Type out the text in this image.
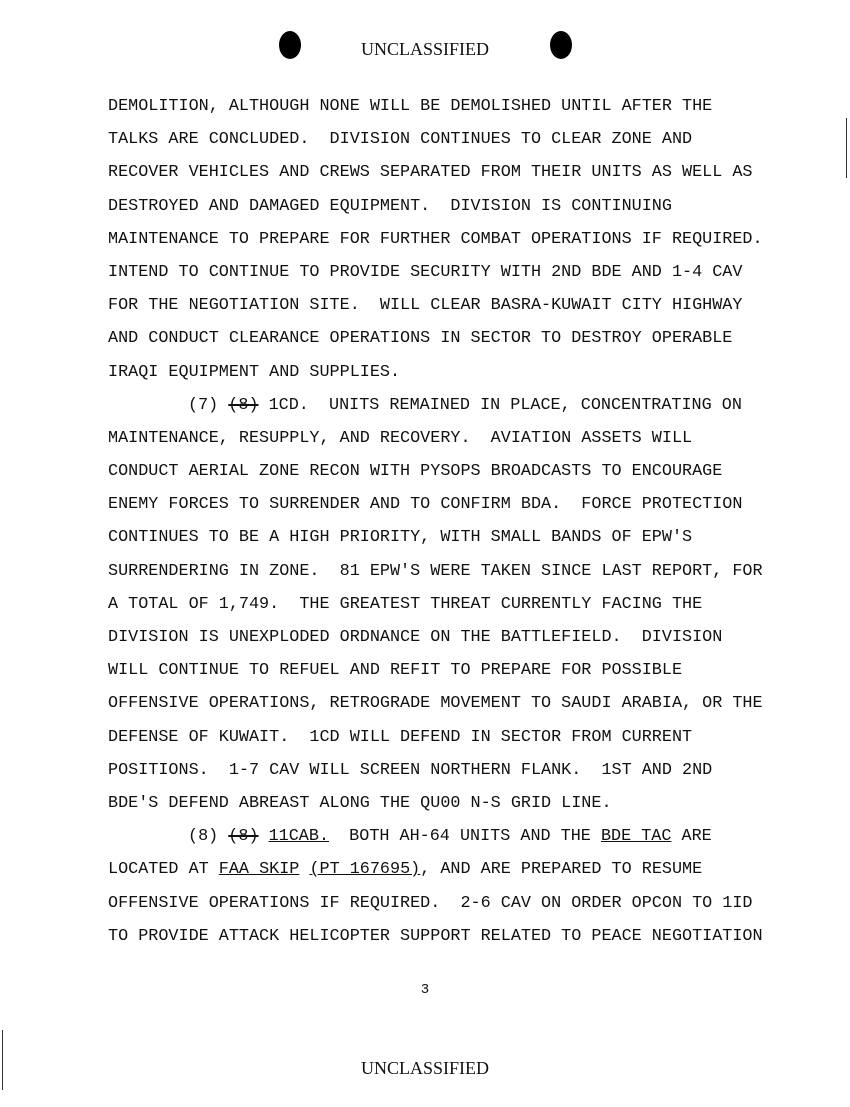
UNCLASSIFIED
DEMOLITION, ALTHOUGH NONE WILL BE DEMOLISHED UNTIL AFTER THE
TALKS ARE CONCLUDED.  DIVISION CONTINUES TO CLEAR ZONE AND
RECOVER VEHICLES AND CREWS SEPARATED FROM THEIR UNITS AS WELL AS
DESTROYED AND DAMAGED EQUIPMENT.  DIVISION IS CONTINUING
MAINTENANCE TO PREPARE FOR FURTHER COMBAT OPERATIONS IF REQUIRED.
INTEND TO CONTINUE TO PROVIDE SECURITY WITH 2ND BDE AND 1-4 CAV
FOR THE NEGOTIATION SITE.  WILL CLEAR BASRA-KUWAIT CITY HIGHWAY
AND CONDUCT CLEARANCE OPERATIONS IN SECTOR TO DESTROY OPERABLE
IRAQI EQUIPMENT AND SUPPLIES.
(7) (8) 1CD.  UNITS REMAINED IN PLACE, CONCENTRATING ON
MAINTENANCE, RESUPPLY, AND RECOVERY.  AVIATION ASSETS WILL
CONDUCT AERIAL ZONE RECON WITH PYSOPS BROADCASTS TO ENCOURAGE
ENEMY FORCES TO SURRENDER AND TO CONFIRM BDA.  FORCE PROTECTION
CONTINUES TO BE A HIGH PRIORITY, WITH SMALL BANDS OF EPW'S
SURRENDERING IN ZONE.  81 EPW'S WERE TAKEN SINCE LAST REPORT, FOR
A TOTAL OF 1,749.  THE GREATEST THREAT CURRENTLY FACING THE
DIVISION IS UNEXPLODED ORDNANCE ON THE BATTLEFIELD.  DIVISION
WILL CONTINUE TO REFUEL AND REFIT TO PREPARE FOR POSSIBLE
OFFENSIVE OPERATIONS, RETROGRADE MOVEMENT TO SAUDI ARABIA, OR THE
DEFENSE OF KUWAIT.  1CD WILL DEFEND IN SECTOR FROM CURRENT
POSITIONS.  1-7 CAV WILL SCREEN NORTHERN FLANK.  1ST AND 2ND
BDE'S DEFEND ABREAST ALONG THE QU00 N-S GRID LINE.
(8) (8) 11CAB.  BOTH AH-64 UNITS AND THE BDE TAC ARE
LOCATED AT FAA SKIP (PT 167695), AND ARE PREPARED TO RESUME
OFFENSIVE OPERATIONS IF REQUIRED.  2-6 CAV ON ORDER OPCON TO 1ID
TO PROVIDE ATTACK HELICOPTER SUPPORT RELATED TO PEACE NEGOTIATION
3
UNCLASSIFIED
